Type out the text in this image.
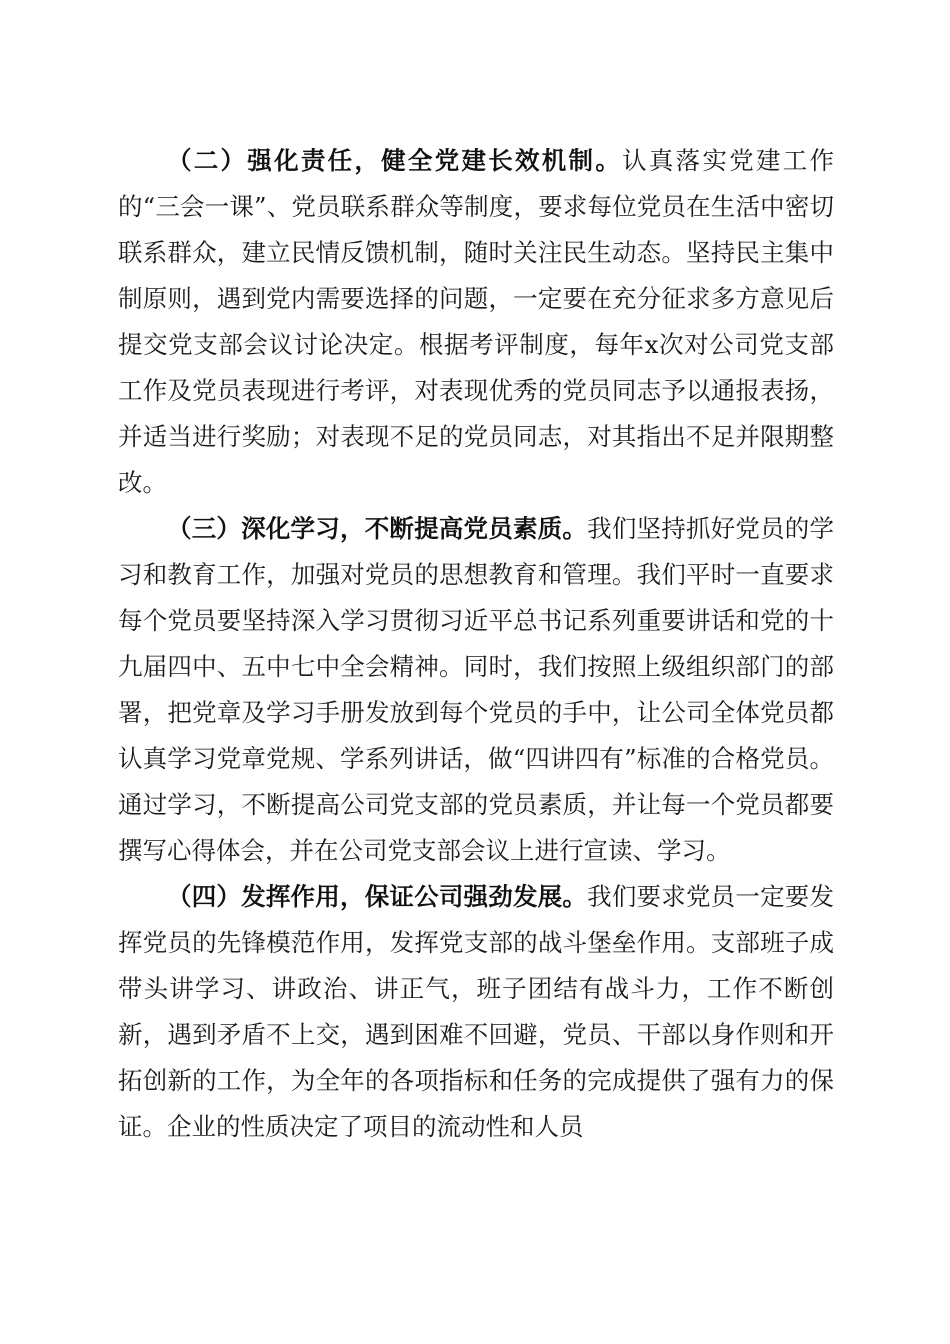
（二）强化责任，健全党建长效机制。认真落实党建工作的“三会一课”、党员联系群众等制度，要求每位党员在生活中密切联系群众，建立民情反馈机制，随时关注民生动态。坚持民主集中制原则，遇到党内需要选择的问题，一定要在充分征求多方意见后提交党支部会议讨论决定。根据考评制度，每年x次对公司党支部工作及党员表现进行考评，对表现优秀的党员同志予以通报表扬，并适当进行奖励；对表现不足的党员同志，对其指出不足并限期整改。

（三）深化学习，不断提高党员素质。我们坚持抓好党员的学习和教育工作，加强对党员的思想教育和管理。我们平时一直要求每个党员要坚持深入学习贯彻习近平总书记系列重要讲话和党的十九届四中、五中七中全会精神。同时，我们按照上级组织部门的部署，把党章及学习手册发放到每个党员的手中，让公司全体党员都认真学习党章党规、学系列讲话，做“四讲四有”标准的合格党员。通过学习，不断提高公司党支部的党员素质，并让每一个党员都要撰写心得体会，并在公司党支部会议上进行宣读、学习。

（四）发挥作用，保证公司强劲发展。我们要求党员一定要发挥党员的先锋模范作用，发挥党支部的战斗堡垒作用。支部班子成带头讲学习、讲政治、讲正气，班子团结有战斗力，工作不断创新，遇到矛盾不上交，遇到困难不回避，党员、干部以身作则和开拓创新的工作，为全年的各项指标和任务的完成提供了强有力的保证。企业的性质决定了项目的流动性和人员
